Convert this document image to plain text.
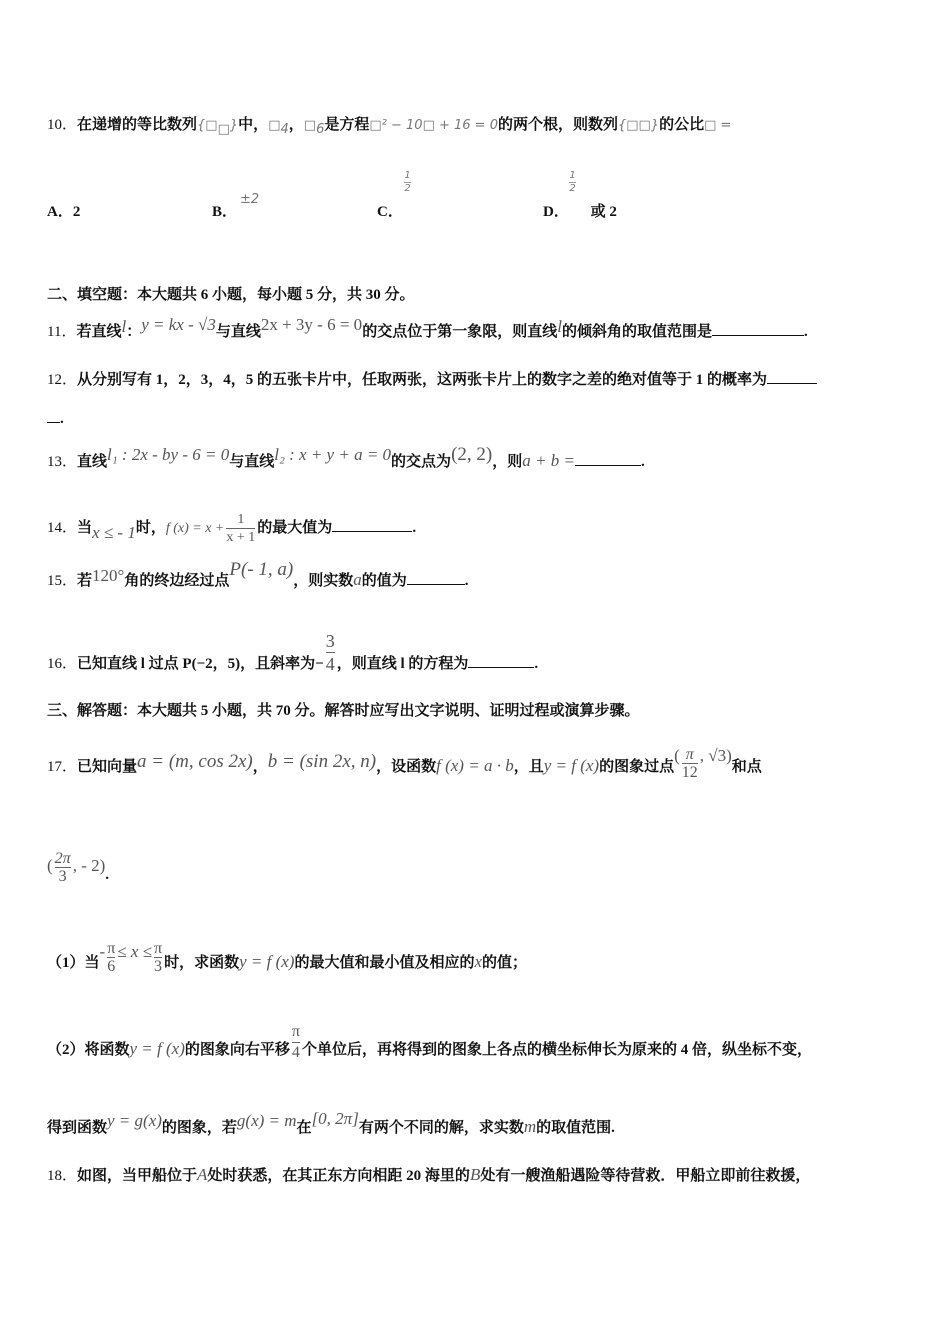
10．在递增的等比数列$\{□_□\}$中，$□_4$，$□_6$是方程□² − 10□ + 16 = 0的两个根，则数列{□□}的公比□ =
A．2	B．
±2
C．
1
2
D．
1
2
或 2
二、填空题：本大题共 6 小题，每小题 5 分，共 30 分。
11．若直线l：y = kx - √3与直线2x + 3y - 6 = 0的交点位于第一象限，则直线l的倾斜角的取值范围是	.
12．从分别写有 1，2，3，4，5 的五张卡片中，任取两张，这两张卡片上的数字之差的绝对值等于 1 的概率为
.
13．直线l₁ : 2x - by - 6 = 0与直线l₂ : x + y + a = 0的交点为(2, 2)，则a + b =	.
14．当x ≤ - 1时，f $(x) = x + \frac{1}{x + 1}$ 的最大值为	.
15．若120°角的终边经过点P(- 1, a)，则实数a的值为	.
16．已知直线 l 过点 P(−2，5)，且斜率为− $\frac{3}{4}$ ，则直线 l 的方程为	.
三、解答题：本大题共 5 小题，共 70 分。解答时应写出文字说明、证明过程或演算步骤。
17．已知向量a = (m, cos 2x)，b = (sin 2x, n)，设函数f (x) = a · b，且y = f (x)的图象过点( $\frac{\pi}{12}$ , √3)和点
( $\frac{2\pi}{3}$ , - 2).
（1）当- $\frac{\pi}{6} \le x \le \frac{\pi}{3}$ 时，求函数y = f (x)的最大值和最小值及相应的x的值；
（2）将函数y = f (x)的图象向右平移 $\frac{\pi}{4}$ 个单位后，再将得到的图象上各点的横坐标伸长为原来的 4 倍，纵坐标不变，
得到函数y = g(x)的图象，若g(x) = m在[0, 2π]有两个不同的解，求实数m的取值范围.
18．如图，当甲船位于A处时获悉，在其正东方向相距 20 海里的B处有一艘渔船遇险等待营救．甲船立即前往救援，
